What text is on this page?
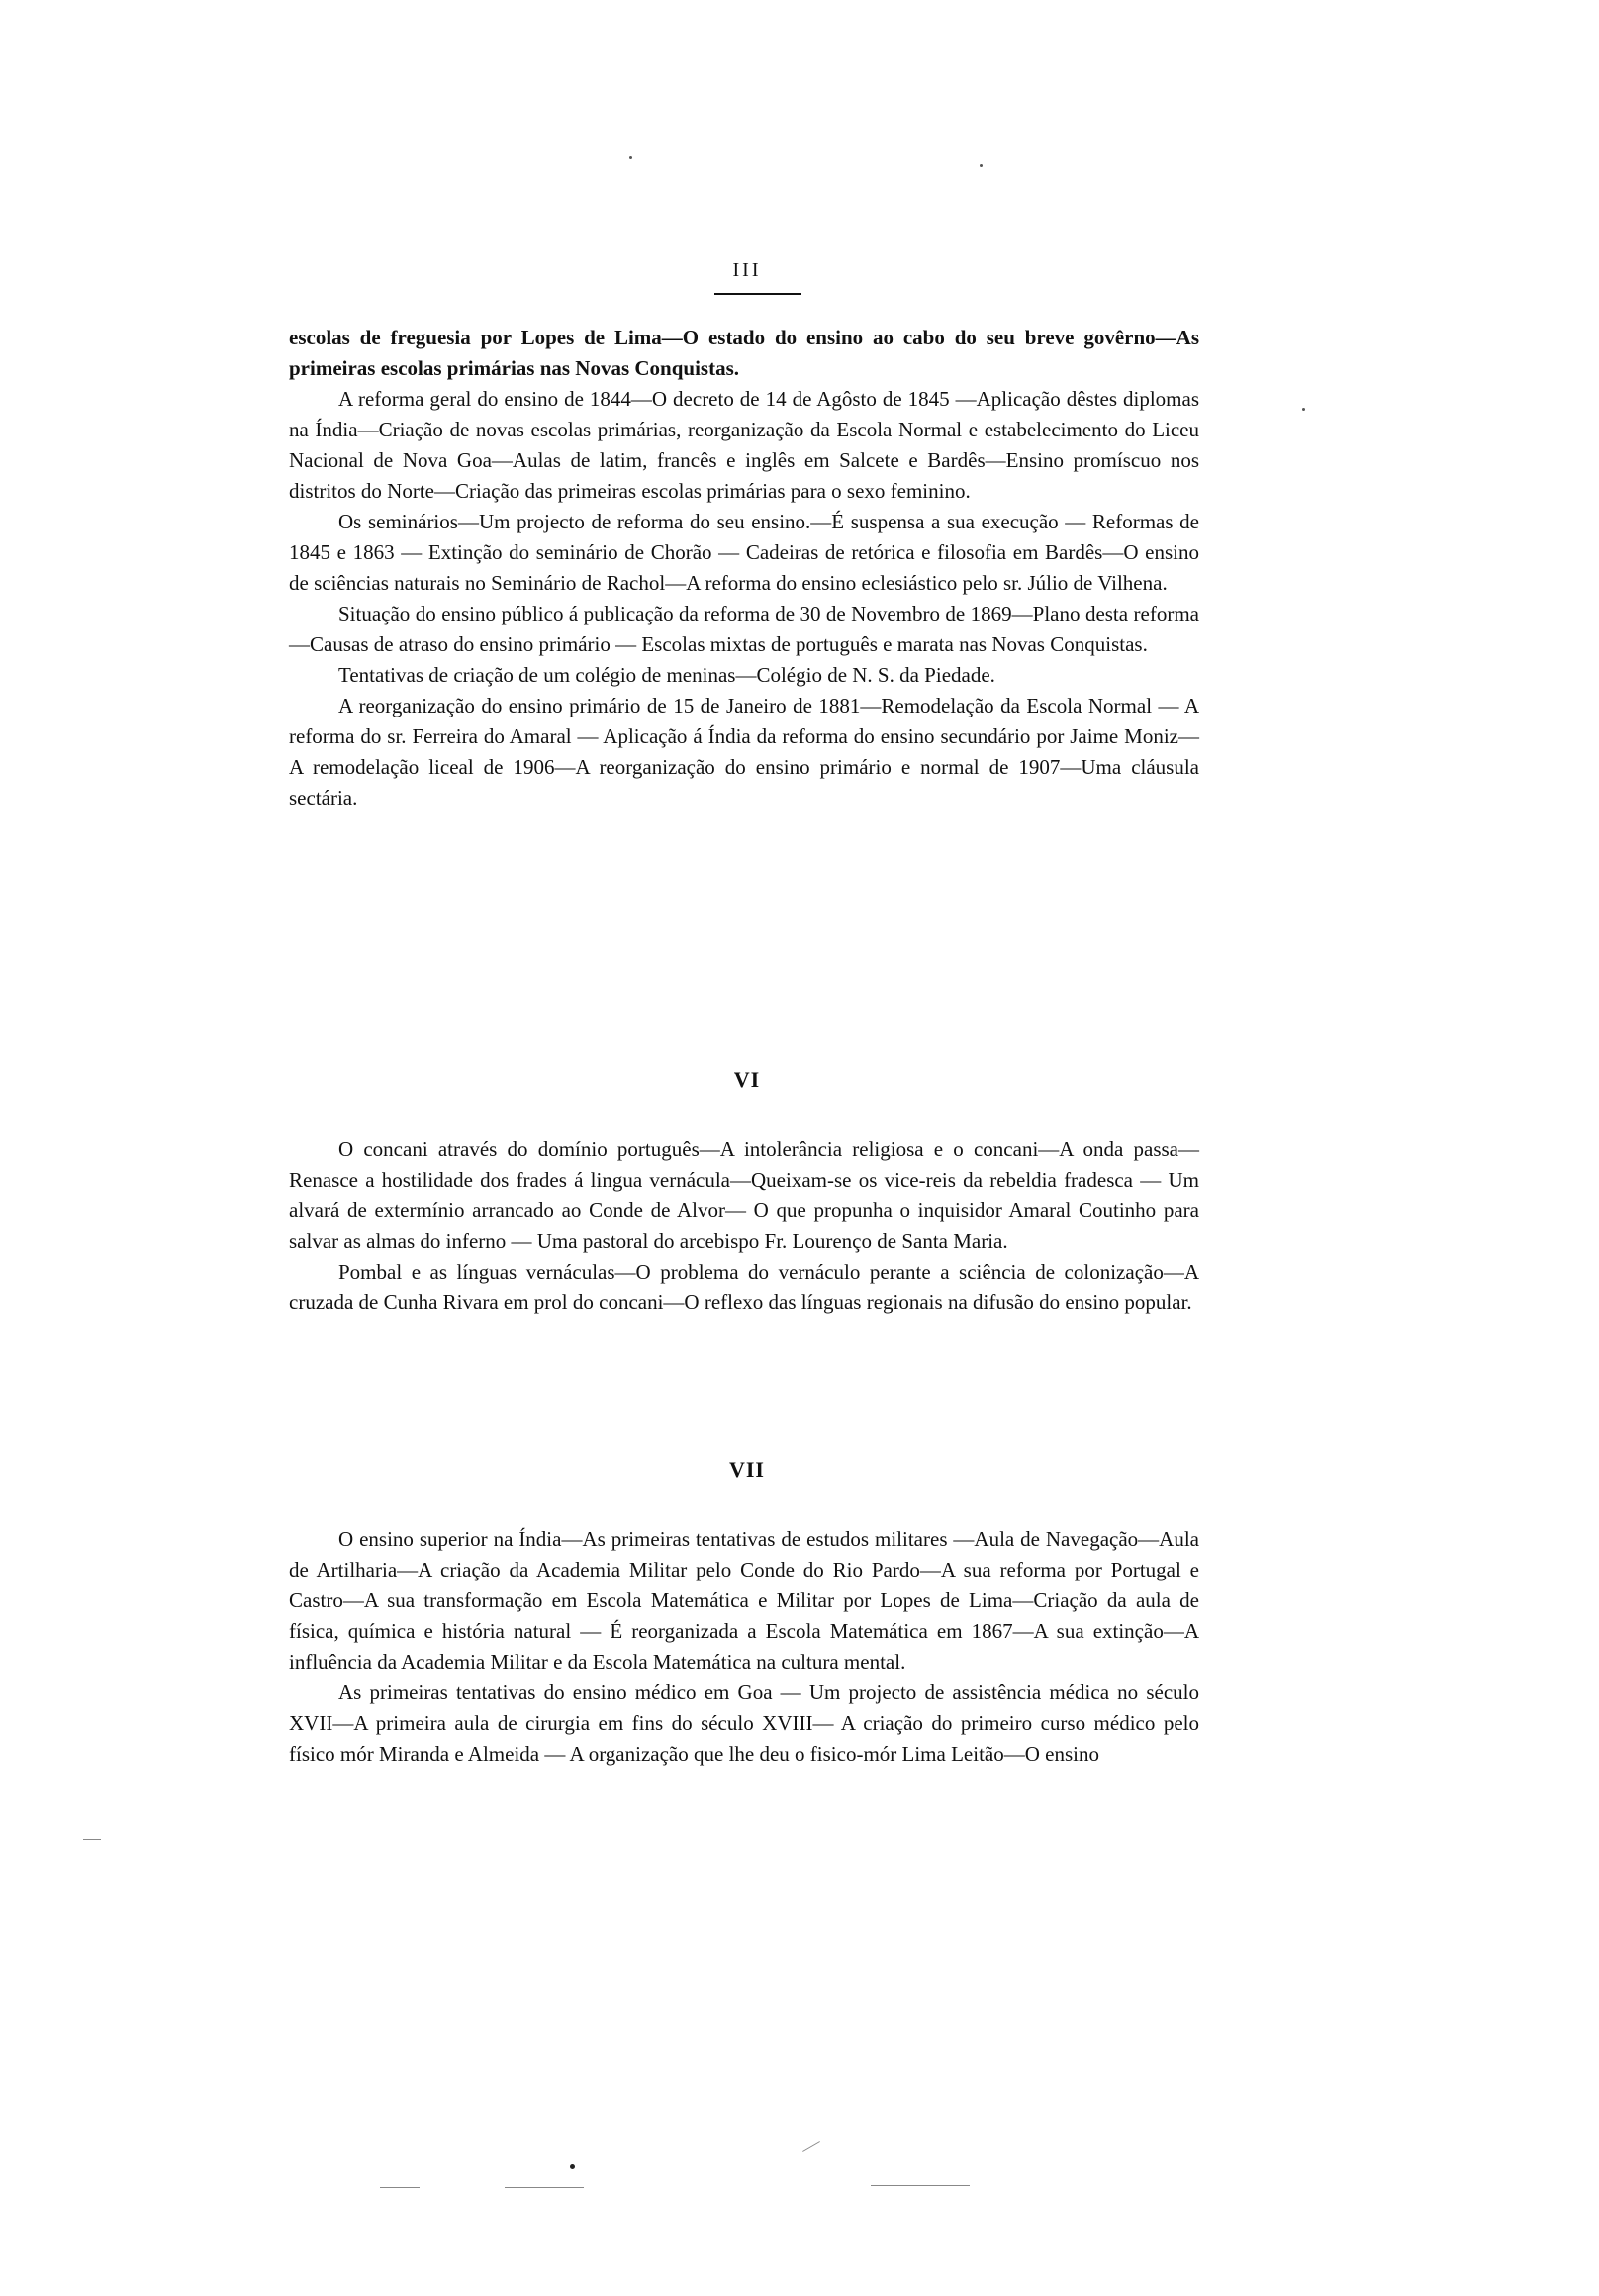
III

escolas de freguesia por Lopes de Lima—O estado do ensino ao cabo do seu breve govêrno—As primeiras escolas primárias nas Novas Conquistas.

A reforma geral do ensino de 1844—O decreto de 14 de Agôsto de 1845 —Aplicação dêstes diplomas na Índia—Criação de novas escolas primárias, reorganização da Escola Normal e estabelecimento do Liceu Nacional de Nova Goa—Aulas de latim, francês e inglês em Salcete e Bardês—Ensino promíscuo nos distritos do Norte—Criação das primeiras escolas primárias para o sexo feminino.

Os seminários—Um projecto de reforma do seu ensino.—É suspensa a sua execução — Reformas de 1845 e 1863 — Extinção do seminário de Chorão — Cadeiras de retórica e filosofia em Bardês—O ensino de sciências naturais no Seminário de Rachol—A reforma do ensino eclesiástico pelo sr. Júlio de Vilhena.

Situação do ensino público á publicação da reforma de 30 de Novembro de 1869—Plano desta reforma—Causas de atraso do ensino primário — Escolas mixtas de português e marata nas Novas Conquistas.

Tentativas de criação de um colégio de meninas—Colégio de N. S. da Piedade.

A reorganização do ensino primário de 15 de Janeiro de 1881—Remodelação da Escola Normal — A reforma do sr. Ferreira do Amaral — Aplicação á Índia da reforma do ensino secundário por Jaime Moniz—A remodelação liceal de 1906—A reorganização do ensino primário e normal de 1907—Uma cláusula sectária.

VI

O concani através do domínio português—A intolerância religiosa e o concani—A onda passa—Renasce a hostilidade dos frades á lingua vernácula—Queixam-se os vice-reis da rebeldia fradesca — Um alvará de extermínio arrancado ao Conde de Alvor— O que propunha o inquisidor Amaral Coutinho para salvar as almas do inferno — Uma pastoral do arcebispo Fr. Lourenço de Santa Maria.

Pombal e as línguas vernáculas—O problema do vernáculo perante a sciência de colonização—A cruzada de Cunha Rivara em prol do concani—O reflexo das línguas regionais na difusão do ensino popular.

VII

O ensino superior na Índia—As primeiras tentativas de estudos militares —Aula de Navegação—Aula de Artilharia—A criação da Academia Militar pelo Conde do Rio Pardo—A sua reforma por Portugal e Castro—A sua transformação em Escola Matemática e Militar por Lopes de Lima—Criação da aula de física, química e história natural — É reorganizada a Escola Matemática em 1867—A sua extinção—A influência da Academia Militar e da Escola Matemática na cultura mental.

As primeiras tentativas do ensino médico em Goa — Um projecto de assistência médica no século XVII—A primeira aula de cirurgia em fins do século XVIII— A criação do primeiro curso médico pelo físico mór Miranda e Almeida — A organização que lhe deu o fisico-mór Lima Leitão—O ensino
